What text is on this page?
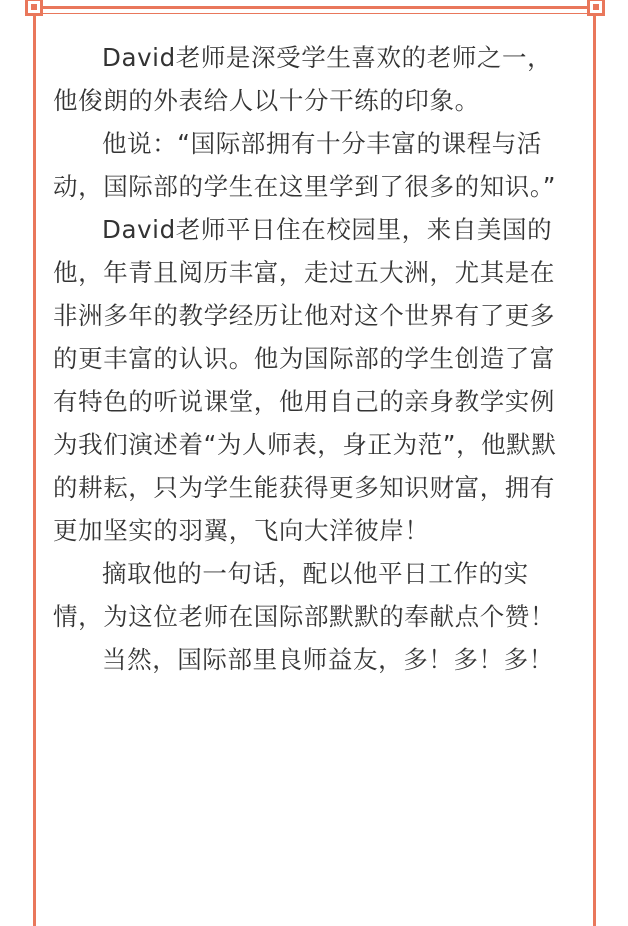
David老师是深受学生喜欢的老师之一，他俊朗的外表给人以十分干练的印象。

他说：“国际部拥有十分丰富的课程与活动，国际部的学生在这里学到了很多的知识。”

David老师平日住在校园里，来自美国的他，年青且阅历丰富，走过五大洲，尤其是在非洲多年的教学经历让他对这个世界有了更多的更丰富的认识。他为国际部的学生创造了富有特色的听说课堂，他用自己的亲身教学实例为我们演述着“为人师表，身正为范”，他默默的耕耘，只为学生能获得更多知识财富，拥有更加坚实的羽翼，飞向大洋彼岸！

摘取他的一句话，配以他平日工作的实情，为这位老师在国际部默默的奉献点个赞！

当然，国际部里良师益友，多！多！多！
